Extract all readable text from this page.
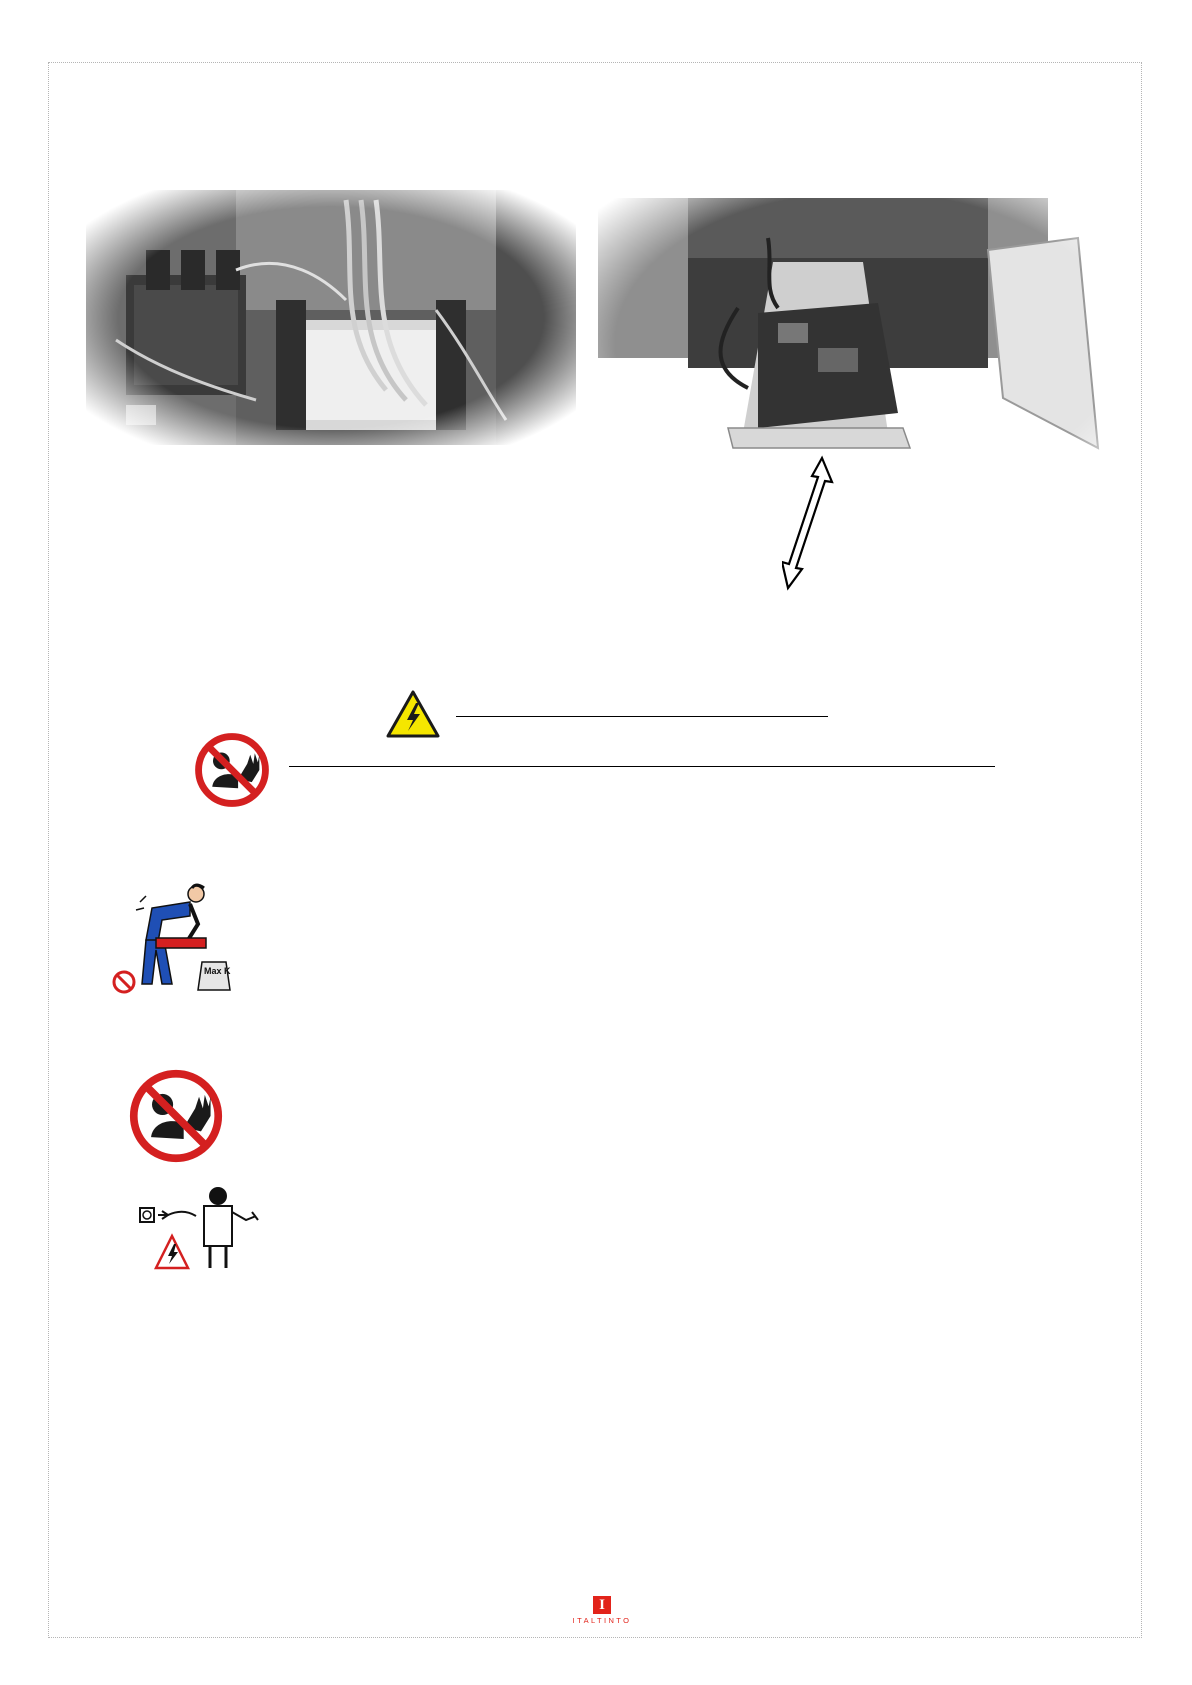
Max K
I
ITALTINTO
